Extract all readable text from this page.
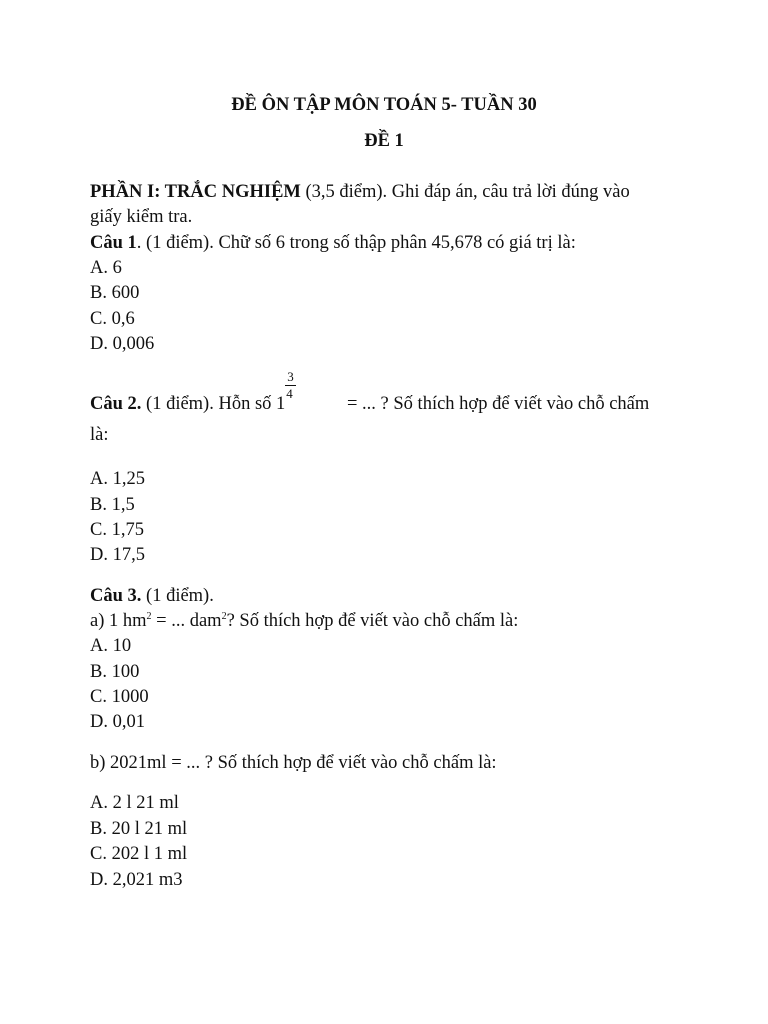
ĐỀ ÔN TẬP MÔN TOÁN 5- TUẦN 30
ĐỀ 1
PHẦN I: TRẮC NGHIỆM (3,5 điểm). Ghi đáp án, câu trả lời đúng vào
giấy kiểm tra.
Câu 1. (1 điểm). Chữ số 6 trong số thập phân 45,678 có giá trị là:
A. 6
B. 600
C. 0,6
D. 0,006
Câu 2. (1 điểm). Hỗn số $1 \frac{3}{4}$ = ... ? Số thích hợp để viết vào chỗ chấm
là:
A. 1,25
B. 1,5
C. 1,75
D. 17,5
Câu 3. (1 điểm).
a) 1 $hm^2$ = ... dam$^2$? Số thích hợp để viết vào chỗ chấm là:
A. 10
B. 100
C. 1000
D. 0,01
b) 2021ml = ... ? Số thích hợp để viết vào chỗ chấm là:
A. 2 l 21 ml
B. 20 l 21 ml
C. 202 l 1 ml
D. 2,021 m3
